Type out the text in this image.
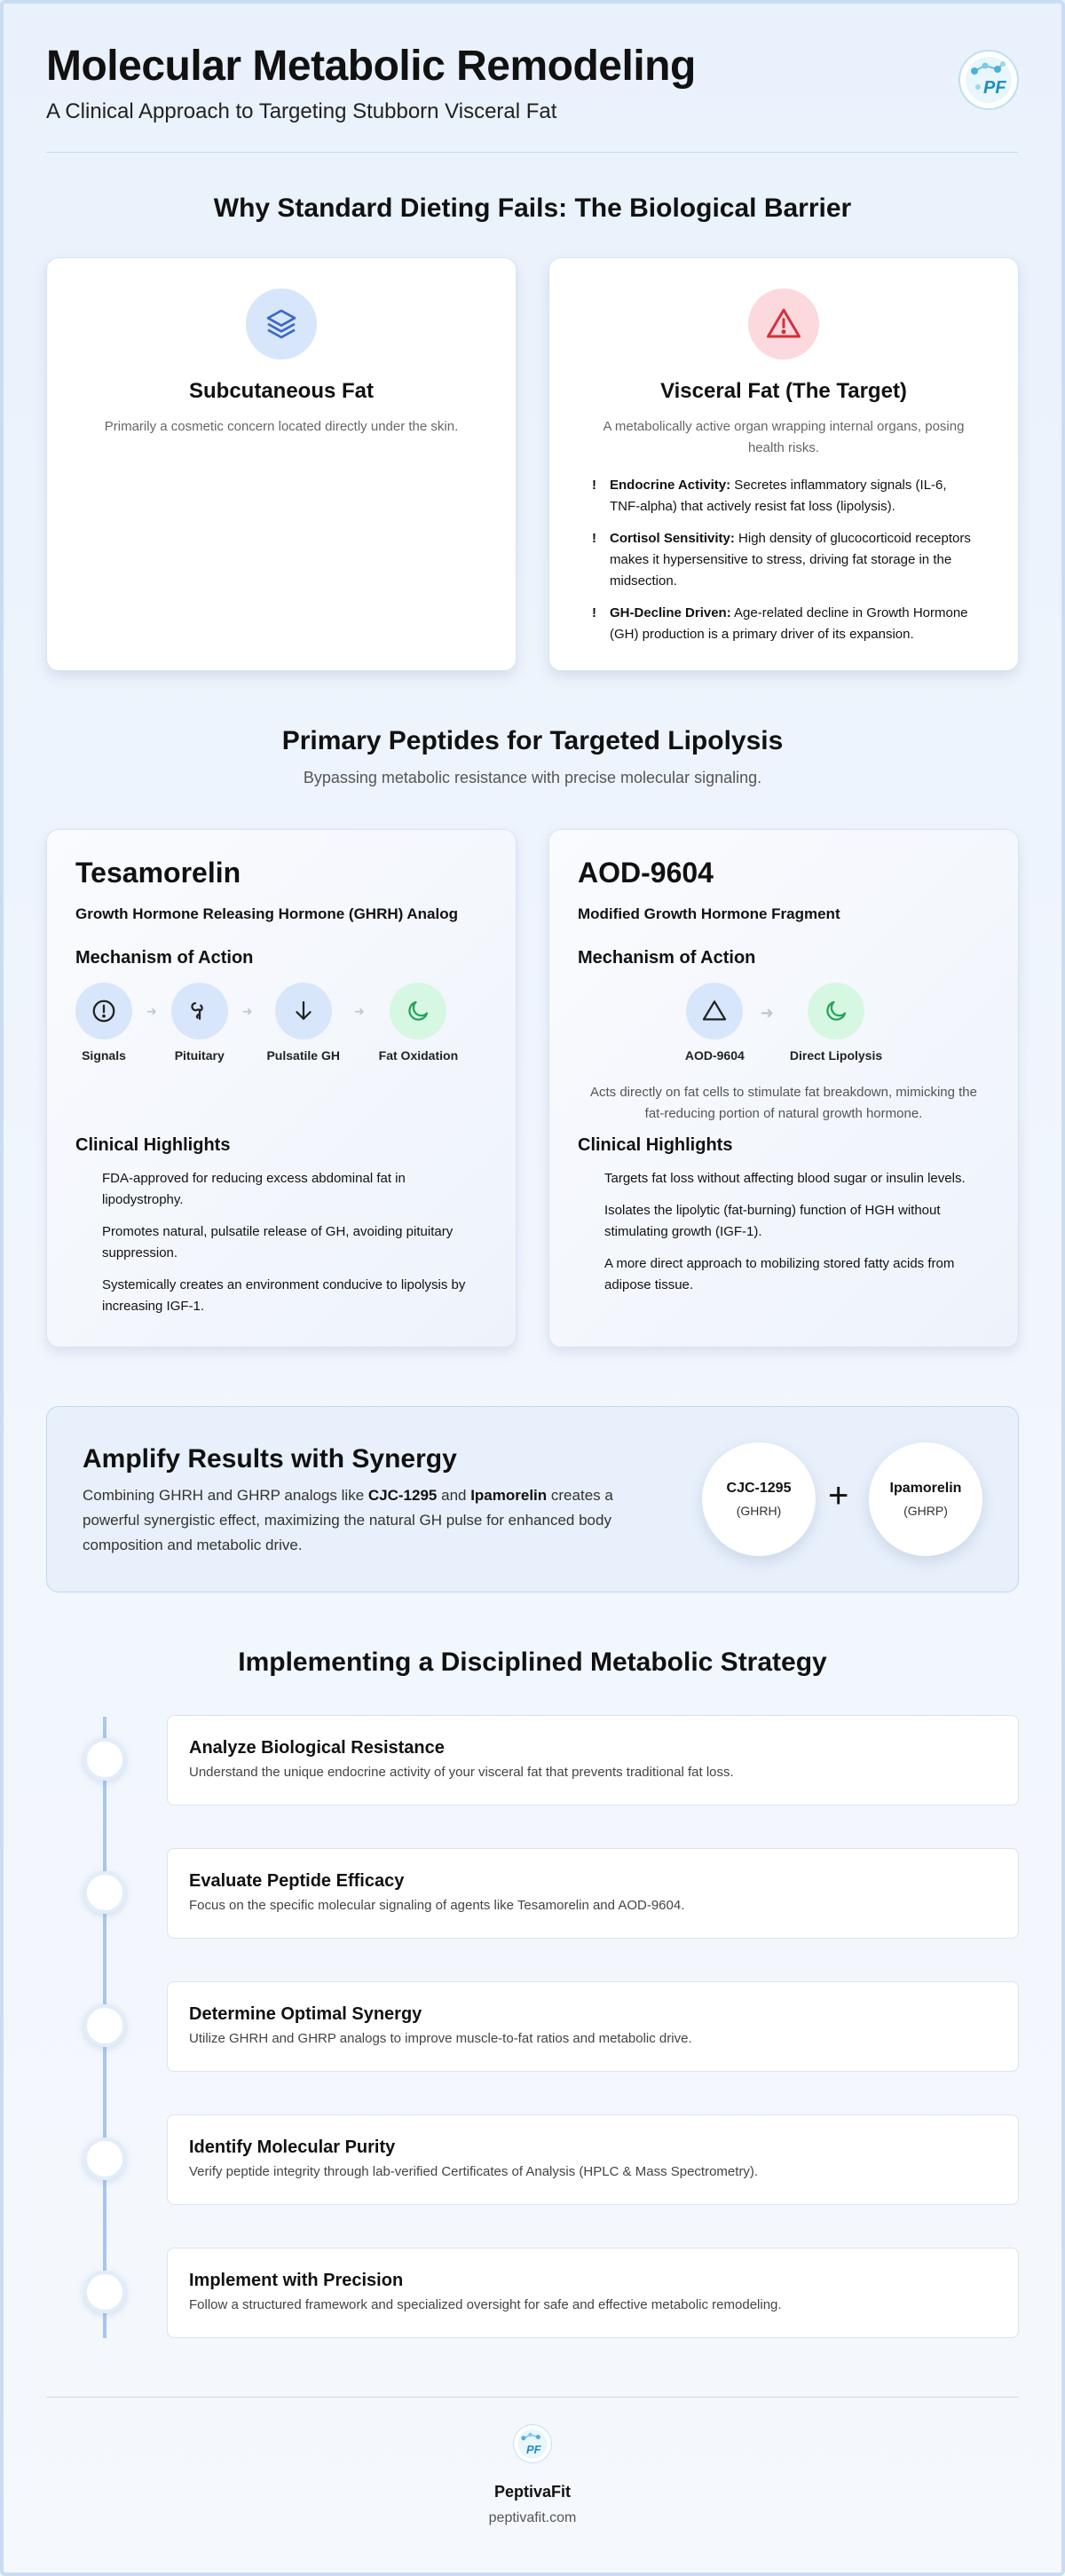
Molecular Metabolic Remodeling
A Clinical Approach to Targeting Stubborn Visceral Fat
PF
Why Standard Dieting Fails: The Biological Barrier
Subcutaneous Fat
Primarily a cosmetic concern located directly under the skin.
Visceral Fat (The Target)
A metabolically active organ wrapping internal organs, posing health risks.
!	Endocrine Activity: Secretes inflammatory signals (IL-6, TNF-alpha) that actively resist fat loss (lipolysis).
!	Cortisol Sensitivity: High density of glucocorticoid receptors makes it hypersensitive to stress, driving fat storage in the midsection.
!	GH-Decline Driven: Age-related decline in Growth Hormone (GH) production is a primary driver of its expansion.
Primary Peptides for Targeted Lipolysis
Bypassing metabolic resistance with precise molecular signaling.
Tesamorelin
Growth Hormone Releasing Hormone (GHRH) Analog
Mechanism of Action
Signals
➜
Pituitary
➜
Pulsatile GH
➜
Fat Oxidation
Clinical Highlights
FDA-approved for reducing excess abdominal fat in lipodystrophy.
Promotes natural, pulsatile release of GH, avoiding pituitary suppression.
Systemically creates an environment conducive to lipolysis by increasing IGF-1.
AOD-9604
Modified Growth Hormone Fragment
Mechanism of Action
AOD-9604
➜
Direct Lipolysis
Acts directly on fat cells to stimulate fat breakdown, mimicking the fat-reducing portion of natural growth hormone.
Clinical Highlights
Targets fat loss without affecting blood sugar or insulin levels.
Isolates the lipolytic (fat-burning) function of HGH without stimulating growth (IGF-1).
A more direct approach to mobilizing stored fatty acids from adipose tissue.
Amplify Results with Synergy

Combining GHRH and GHRP analogs like CJC-1295 and Ipamorelin creates a powerful synergistic effect, maximizing the natural GH pulse for enhanced body composition and metabolic drive.

CJC-1295
(GHRH) +	Ipamorelin
(GHRP)
Implementing a Disciplined Metabolic Strategy
1
Analyze Biological Resistance
Understand the unique endocrine activity of your visceral fat that prevents traditional fat loss.
2
Evaluate Peptide Efficacy
Focus on the specific molecular signaling of agents like Tesamorelin and AOD-9604.
3
Determine Optimal Synergy
Utilize GHRH and GHRP analogs to improve muscle-to-fat ratios and metabolic drive.
4
Identify Molecular Purity
Verify peptide integrity through lab-verified Certificates of Analysis (HPLC & Mass Spectrometry).
5
Implement with Precision
Follow a structured framework and specialized oversight for safe and effective metabolic remodeling.
PF
PeptivaFit
peptivafit.com
